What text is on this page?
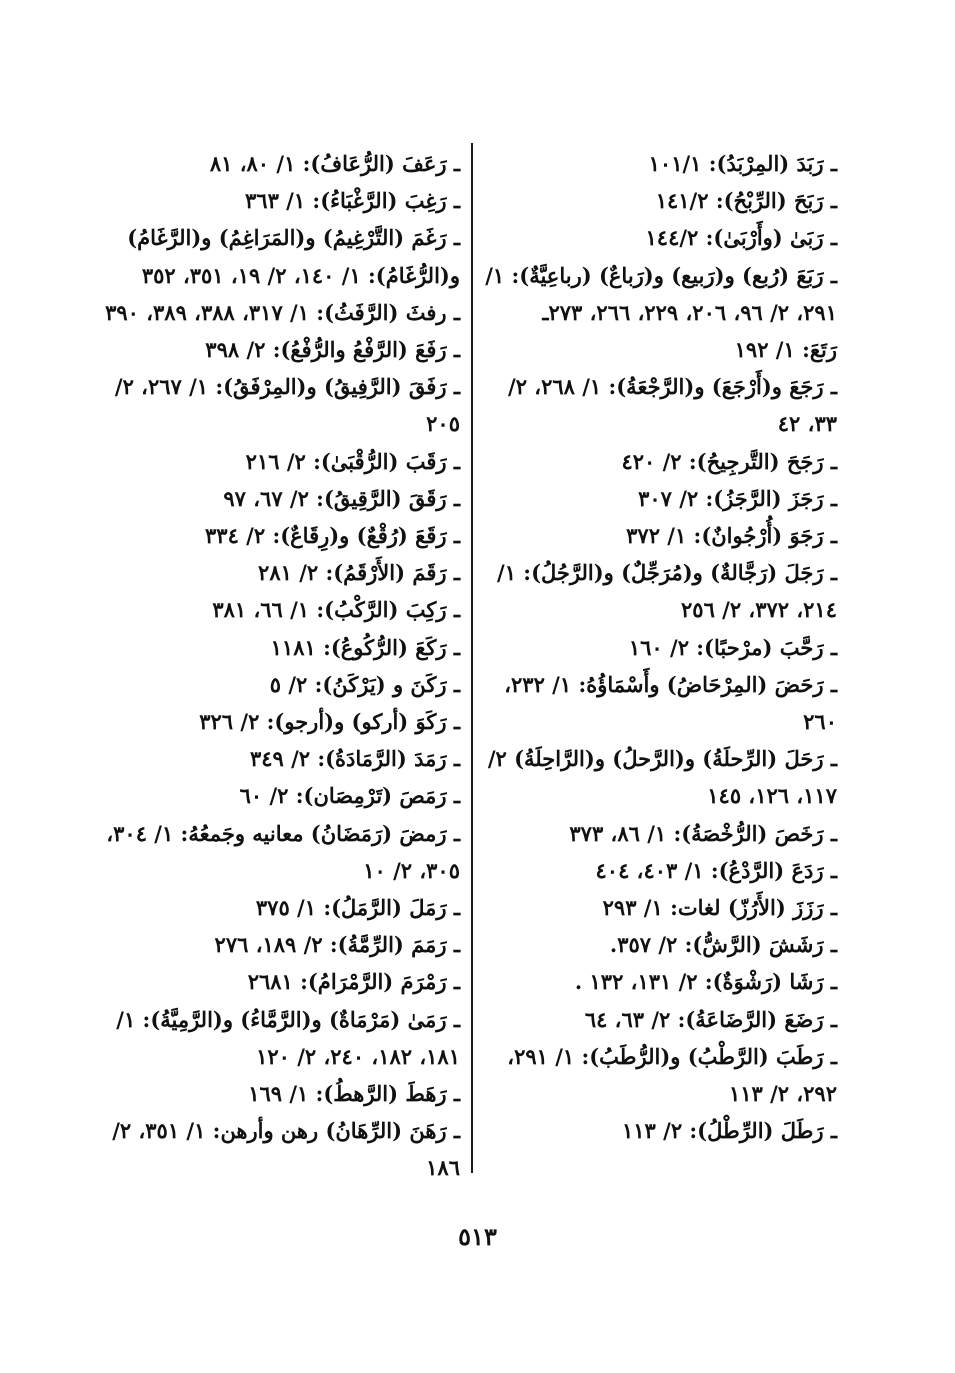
ـ رَبَدَ (المِرْبَدُ): ١٠١/١

ـ رَبَحَ (الرِّبْحُ): ١٤١/٢

ـ رَبَىٰ (وأَرْبَىٰ): ١٤٤/٢

ـ رَبَعَ (رُبع) و(رَبيع) و(رَباعٌ) (رباعِيَّةٌ): ١/ ٢٩١، ٢/ ٩٦، ٢٠٦، ٢٢٩، ٢٦٦، ٢٧٣ـ

رَتَعَ: ١/ ١٩٢

ـ رَجَعَ و(أَرْجَعَ) و(الرَّجْعَةُ): ١/ ٢٦٨، ٢/ ٣٣، ٤٢

ـ رَجَحَ (التَّرجِيحُ): ٢/ ٤٢٠

ـ رَجَزَ (الرَّجَزُ): ٢/ ٣٠٧

ـ رَجَوَ (أُرْجُوانٌ): ١/ ٣٧٢

ـ رَجَلَ (رَجَّالةٌ) و(مُرَجِّلٌ) و(الرَّجُلُ): ١/ ٢١٤، ٣٧٢، ٢/ ٢٥٦

ـ رَحَّبَ (مرْحبًا): ٢/ ١٦٠

ـ رَحَضَ (المِرْحَاضُ) وأَسْمَاؤُهُ: ١/ ٢٣٢، ٢٦٠

ـ رَحَلَ (الرِّحلَةُ) و(الرَّحلُ) و(الرَّاحِلَةُ) ٢/ ١١٧، ١٢٦، ١٤٥

ـ رَخَصَ (الرُّخْصَةُ): ١/ ٨٦، ٣٧٣

ـ رَدَعَ (الرَّدْعُ): ١/ ٤٠٣، ٤٠٤

ـ رَزَزَ (الأَرُزّ) لغات: ١/ ٢٩٣

ـ رَشَشَ (الرَّشُّ): ٢/ ٣٥٧.

ـ رَشَا (رَشْوَةٌ): ٢/ ١٣١، ١٣٢ .

ـ رَضَعَ (الرَّضَاعَةُ): ٢/ ٦٣، ٦٤

ـ رَطَبَ (الرَّطْبُ) و(الرُّطَبُ): ١/ ٢٩١، ٢٩٢، ٢/ ١١٣

ـ رَطَلَ (الرِّطْلُ): ٢/ ١١٣

ـ رَعَفَ (الرُّعَافُ): ١/ ٨٠، ٨١

ـ رَغِبَ (الرَّغْبَاءُ): ١/ ٣٦٣

ـ رَغَمَ (التَّرْغِيمُ) و(المَرَاغِمُ) و(الرَّغَامُ) و(الرُّغَامُ): ١/ ١٤٠، ٢/ ١٩، ٣٥١، ٣٥٢

ـ رفثَ (الرَّفَثُ): ١/ ٣١٧، ٣٨٨، ٣٨٩، ٣٩٠

ـ رَفَعَ (الرَّفْعُ والرُّفْعُ): ٢/ ٣٩٨

ـ رَفَقَ (الرَّفِيقُ) و(المِرْفَقُ): ١/ ٢٦٧، ٢/ ٢٠٥

ـ رَقَبَ (الرُّقْبَىٰ): ٢/ ٢١٦

ـ رَقَقَ (الرَّقِيقُ): ٢/ ٦٧، ٩٧

ـ رَقَعَ (رُقْعٌ) و(رِقَاعٌ): ٢/ ٣٣٤

ـ رَقَمَ (الأَرْقَمُ): ٢/ ٢٨١

ـ رَكِبَ (الرَّكْبُ): ١/ ٦٦، ٣٨١

ـ رَكَعَ (الرُّكُوعُ): ١١٨١

ـ رَكَنَ و (يَرْكَنُ): ٢/ ٥

ـ رَكَوَ (أركو) و(أرجو): ٢/ ٣٢٦

ـ رَمَدَ (الرَّمَادَةُ): ٢/ ٣٤٩

ـ رَمَصَ (تَرْمِصَان): ٢/ ٦٠

ـ رَمضَ (رَمَضَانُ) معانيه وجَمعُهُ: ١/ ٣٠٤، ٣٠٥، ٢/ ١٠

ـ رَمَلَ (الرَّمَلُ): ١/ ٣٧٥

ـ رَمَمَ (الرِّمَّةُ): ٢/ ١٨٩، ٢٧٦

ـ رَمْرَمَ (الرَّمْرَامُ): ٢٦٨١

ـ رَمَىٰ (مَرْمَاةٌ) و(الرَّمَّاءُ) و(الرَّمِيَّةُ): ١/ ١٨١، ١٨٢، ٢٤٠، ٢/ ١٢٠

ـ رَهَطَ (الرَّهطُ): ١/ ١٦٩

ـ رَهَنَ (الرِّهَانُ) رهن وأرهن: ١/ ٣٥١، ٢/ ١٨٦

٥١٣
